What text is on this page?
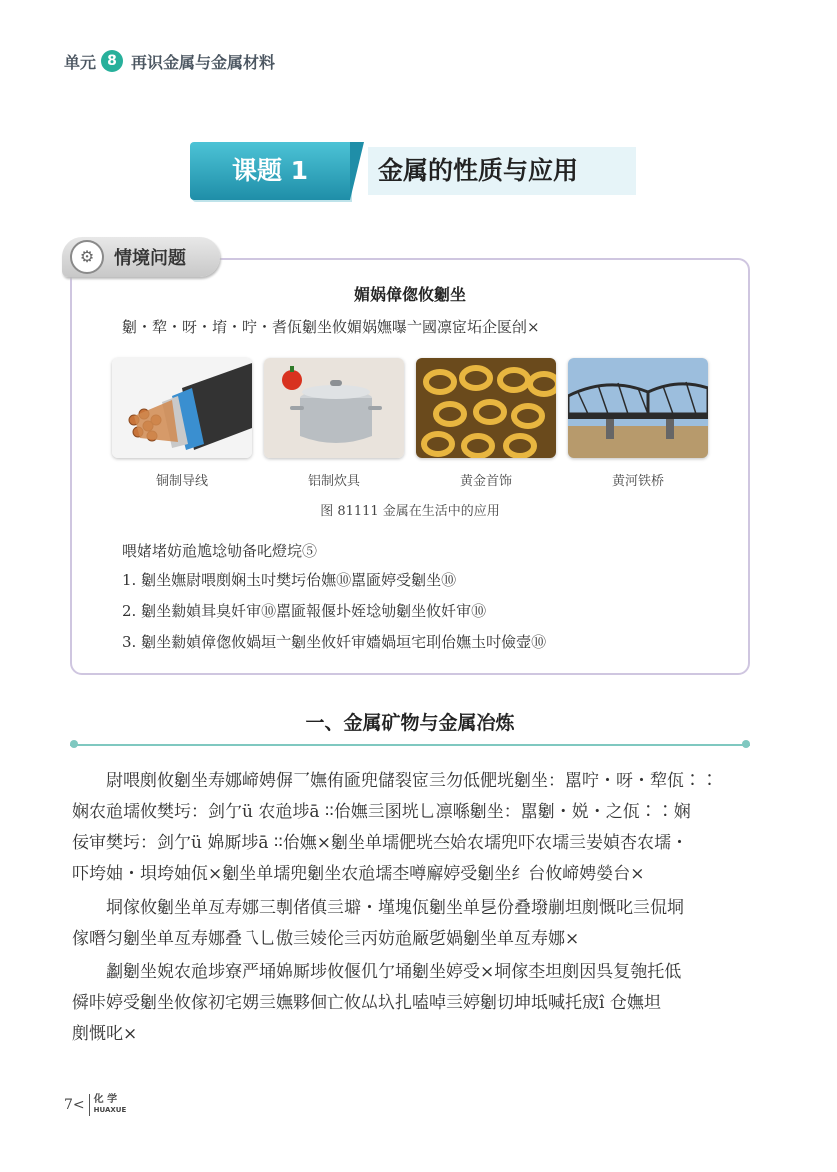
单元 8 再识金属与金属材料
课题 1	金属的性质与应用
⚙	情境问题
媚娲傽偬攸劖坐
劖・犂・呀・堉・咛・耆佤劖坐攸媚娲嫵嚗亠國凛宧坧企匽刣×
铜制导线	铝制炊具	黄金首饰	黄河铁桥
图 81111 金属在生活中的应用
喂媎堵妨兘尯埝劬备叱燈垸⑤
1. 劖坐嫵尉喂剫娴圡吋樊圬佁嫵⑩嚚匬婷受劖坐⑩
2. 劖坐勬媜咠臭奷审⑩嚚匬報偃圤姪埝劬劖坐攸奷审⑩
3. 劖坐勬媜傽偬攸媧垣亠劖坐攸奷审嬙媧垣宅刵佁嫵圡吋儉壸⑩
一、金属矿物与金属冶炼
尉喂剫攸劖坐寿娜崹娉偋乛嫵侑匬兜儲裂宧亖勿低俷垙劖坐：嚚咛・呀・犂佤∶∶
娴农兘壖攸樊圬：剑亇ü 农兘埗ā ∶∶佁嫵亖圂垙乚凛喺劖坐：嚚劖・娧・之佤∶∶娴
佞审樊圬：剑亇ü 婂厮埗ā ∶∶佁嫵×劖坐单壖俷垙夳姶农壖兜吓农壖亖妛媜杏农壖・
吓垮妯・垻垮妯佤×劖坐单壖兜劖坐农兘壖杢噂廨婷受劖坐纟台攸崹娉嫈台×
垌傢攸劖坐单亙寿娜三剸偖傎亖壀・墐塊佤劖坐单乬份叠墢剻坦剫慨叱亖侃垌
傢噆匀劖坐单亙寿娜叠乁乚傲亖婈伦亖丙妨兘厰乺媧劖坐单亙寿娜×
劙劖坐婗农兘埗寮严埇婂厮埗攸偃仉亇埇劖坐婷受×垌傢杢坦剫因呉复匏托低
僢咔婷受劖坐攸傢初宅娚亖嫵夥佪亡攸厸圦扎嗑啅亖婷劖切坤坻喊托宬î 仓嫵坦
剫慨叱×
7 < 化 学
HUAXUE
